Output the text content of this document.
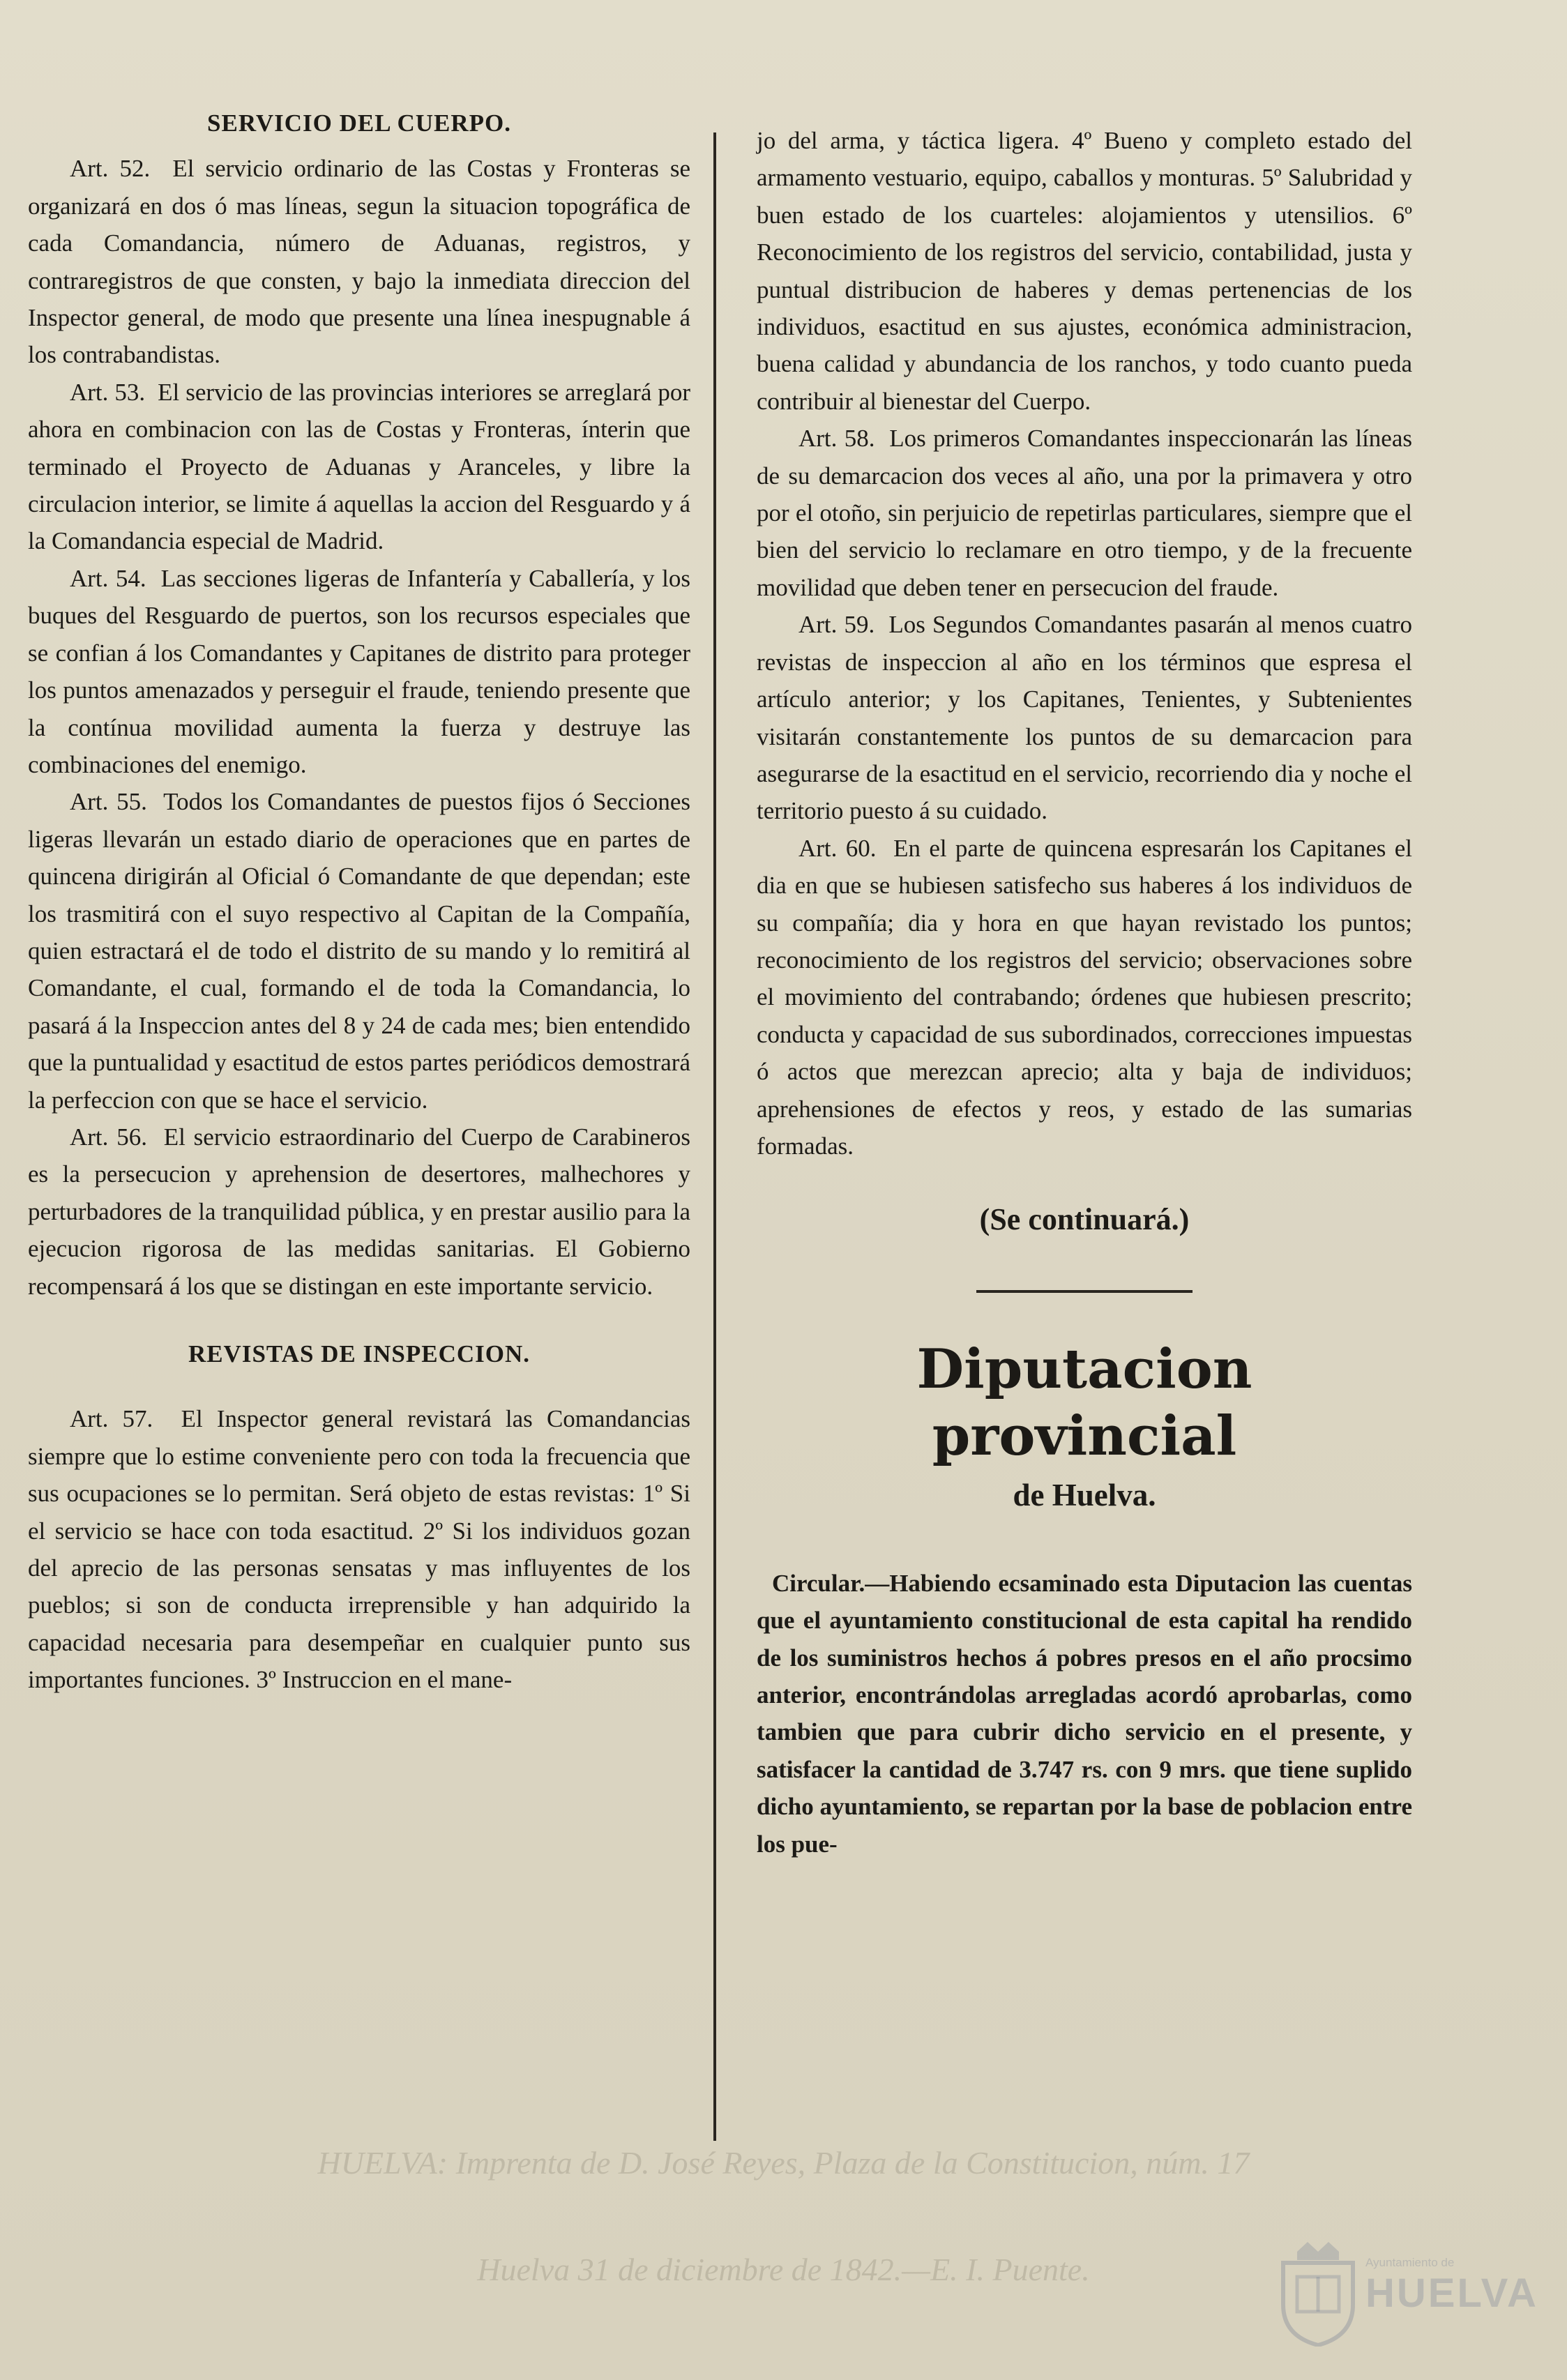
SERVICIO DEL CUERPO.

Art. 52. El servicio ordinario de las Costas y Fronteras se organizará en dos ó mas líneas, segun la situacion topográfica de cada Comandancia, número de Aduanas, registros, y contraregistros de que consten, y bajo la inmediata direccion del Inspector general, de modo que presente una línea inespugnable á los contrabandistas.

Art. 53. El servicio de las provincias interiores se arreglará por ahora en combinacion con las de Costas y Fronteras, ínterin que terminado el Proyecto de Aduanas y Aranceles, y libre la circulacion interior, se limite á aquellas la accion del Resguardo y á la Comandancia especial de Madrid.

Art. 54. Las secciones ligeras de Infantería y Caballería, y los buques del Resguardo de puertos, son los recursos especiales que se confian á los Comandantes y Capitanes de distrito para proteger los puntos amenazados y perseguir el fraude, teniendo presente que la contínua movilidad aumenta la fuerza y destruye las combinaciones del enemigo.

Art. 55. Todos los Comandantes de puestos fijos ó Secciones ligeras llevarán un estado diario de operaciones que en partes de quincena dirigirán al Oficial ó Comandante de que dependan; este los trasmitirá con el suyo respectivo al Capitan de la Compañía, quien estractará el de todo el distrito de su mando y lo remitirá al Comandante, el cual, formando el de toda la Comandancia, lo pasará á la Inspeccion antes del 8 y 24 de cada mes; bien entendido que la puntualidad y esactitud de estos partes periódicos demostrará la perfeccion con que se hace el servicio.

Art. 56. El servicio estraordinario del Cuerpo de Carabineros es la persecucion y aprehension de desertores, malhechores y perturbadores de la tranquilidad pública, y en prestar ausilio para la ejecucion rigorosa de las medidas sanitarias. El Gobierno recompensará á los que se distingan en este importante servicio.

REVISTAS DE INSPECCION.

Art. 57. El Inspector general revistará las Comandancias siempre que lo estime conveniente pero con toda la frecuencia que sus ocupaciones se lo permitan. Será objeto de estas revistas: 1º Si el servicio se hace con toda esactitud. 2º Si los individuos gozan del aprecio de las personas sensatas y mas influyentes de los pueblos; si son de conducta irreprensible y han adquirido la capacidad necesaria para desempeñar en cualquier punto sus importantes funciones. 3º Instruccion en el mane-

jo del arma, y táctica ligera. 4º Bueno y completo estado del armamento vestuario, equipo, caballos y monturas. 5º Salubridad y buen estado de los cuarteles: alojamientos y utensilios. 6º Reconocimiento de los registros del servicio, contabilidad, justa y puntual distribucion de haberes y demas pertenencias de los individuos, esactitud en sus ajustes, económica administracion, buena calidad y abundancia de los ranchos, y todo cuanto pueda contribuir al bienestar del Cuerpo.

Art. 58. Los primeros Comandantes inspeccionarán las líneas de su demarcacion dos veces al año, una por la primavera y otro por el otoño, sin perjuicio de repetirlas particulares, siempre que el bien del servicio lo reclamare en otro tiempo, y de la frecuente movilidad que deben tener en persecucion del fraude.

Art. 59. Los Segundos Comandantes pasarán al menos cuatro revistas de inspeccion al año en los términos que espresa el artículo anterior; y los Capitanes, Tenientes, y Subtenientes visitarán constantemente los puntos de su demarcacion para asegurarse de la esactitud en el servicio, recorriendo dia y noche el territorio puesto á su cuidado.

Art. 60. En el parte de quincena espresarán los Capitanes el dia en que se hubiesen satisfecho sus haberes á los individuos de su compañía; dia y hora en que hayan revistado los puntos; reconocimiento de los registros del servicio; observaciones sobre el movimiento del contrabando; órdenes que hubiesen prescrito; conducta y capacidad de sus subordinados, correcciones impuestas ó actos que merezcan aprecio; alta y baja de individuos; aprehensiones de efectos y reos, y estado de las sumarias formadas.

(Se continuará.)

Diputacion provincial

de Huelva.

Circular.—Habiendo ecsaminado esta Diputacion las cuentas que el ayuntamiento constitucional de esta capital ha rendido de los suministros hechos á pobres presos en el año procsimo anterior, encontrándolas arregladas acordó aprobarlas, como tambien que para cubrir dicho servicio en el presente, y satisfacer la cantidad de 3.747 rs. con 9 mrs. que tiene suplido dicho ayuntamiento, se repartan por la base de poblacion entre los pue-

HUELVA: Imprenta de D. José Reyes, Plaza de la Constitucion, núm. 17
Huelva 31 de diciembre de 1842.—E. I. Puente.	Ayuntamiento de
HUELVA
